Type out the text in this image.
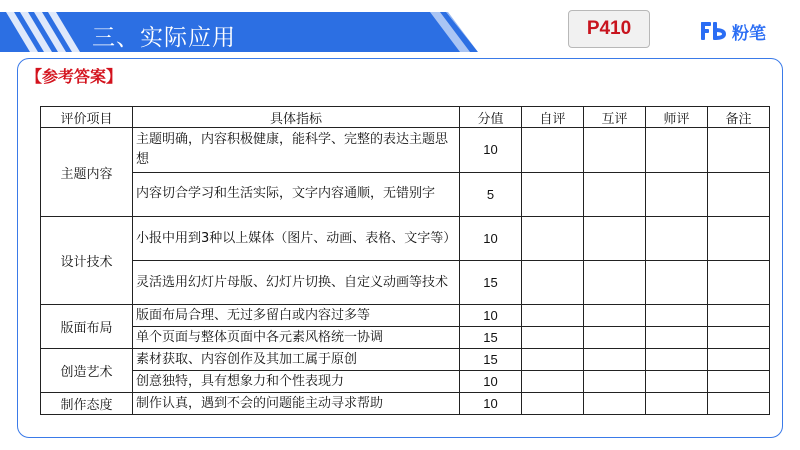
三、实际应用	P410	粉笔
【参考答案】
评价项目	具体指标	分值	自评	互评	师评	备注
主题内容	主题明确，内容积极健康，能科学、完整的表达主题思想	10				
	内容切合学习和生活实际，文字内容通顺，无错别字	5				
设计技术	小报中用到3种以上媒体（图片、动画、表格、文字等）	10				
	灵活选用幻灯片母版、幻灯片切换、自定义动画等技术	15				
版面布局	版面布局合理、无过多留白或内容过多等	10				
	单个页面与整体页面中各元素风格统一协调	15				
创造艺术	素材获取、内容创作及其加工属于原创	15				
	创意独特，具有想象力和个性表现力	10				
制作态度	制作认真，遇到不会的问题能主动寻求帮助	10				
